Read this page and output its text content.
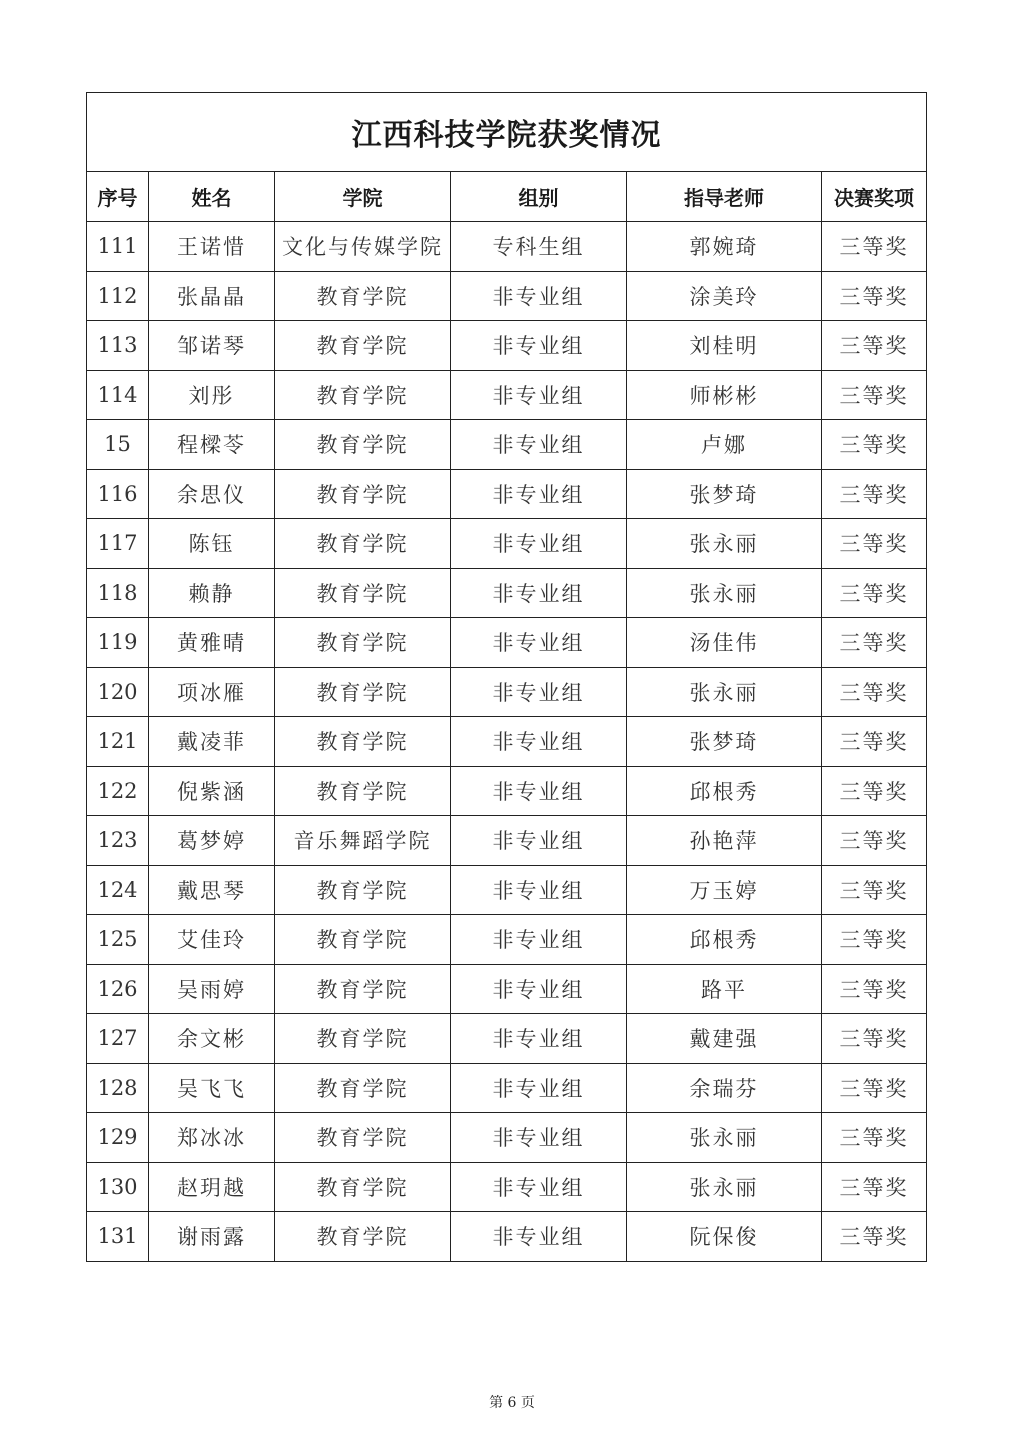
江西科技学院获奖情况					
序号	姓名	学院	组别	指导老师	决赛奖项
111	王诺惜	文化与传媒学院	专科生组	郭婉琦	三等奖
112	张晶晶	教育学院	非专业组	涂美玲	三等奖
113	邹诺琴	教育学院	非专业组	刘桂明	三等奖
114	刘彤	教育学院	非专业组	师彬彬	三等奖
15	程樑苓	教育学院	非专业组	卢娜	三等奖
116	余思仪	教育学院	非专业组	张梦琦	三等奖
117	陈钰	教育学院	非专业组	张永丽	三等奖
118	赖静	教育学院	非专业组	张永丽	三等奖
119	黄雅晴	教育学院	非专业组	汤佳伟	三等奖
120	项冰雁	教育学院	非专业组	张永丽	三等奖
121	戴凌菲	教育学院	非专业组	张梦琦	三等奖
122	倪紫涵	教育学院	非专业组	邱根秀	三等奖
123	葛梦婷	音乐舞蹈学院	非专业组	孙艳萍	三等奖
124	戴思琴	教育学院	非专业组	万玉婷	三等奖
125	艾佳玲	教育学院	非专业组	邱根秀	三等奖
126	吴雨婷	教育学院	非专业组	路平	三等奖
127	余文彬	教育学院	非专业组	戴建强	三等奖
128	吴飞飞	教育学院	非专业组	余瑞芬	三等奖
129	郑冰冰	教育学院	非专业组	张永丽	三等奖
130	赵玥越	教育学院	非专业组	张永丽	三等奖
131	谢雨露	教育学院	非专业组	阮保俊	三等奖
第 6 页
